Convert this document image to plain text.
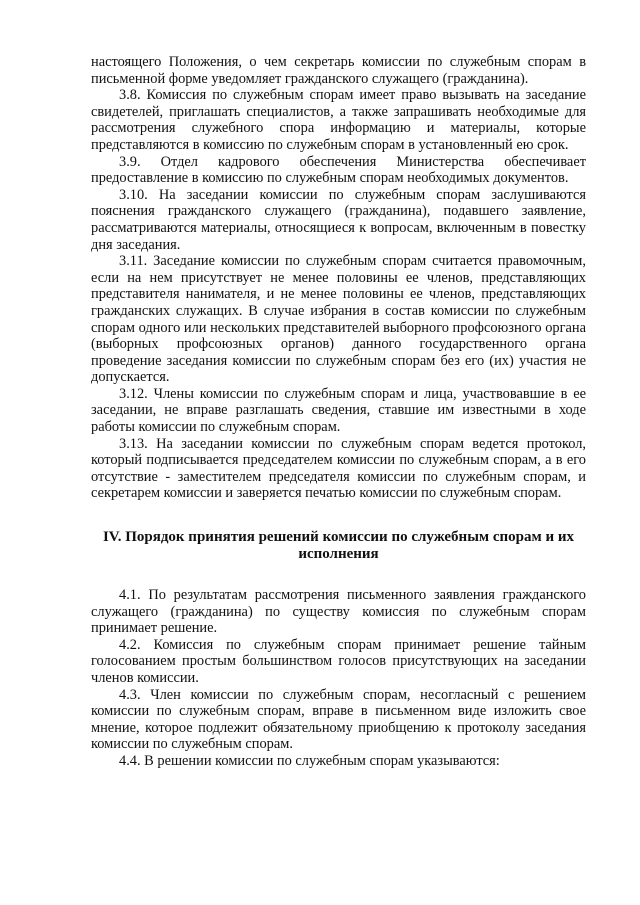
настоящего Положения, о чем секретарь комиссии по служебным спорам в письменной форме уведомляет гражданского служащего (гражданина).

3.8. Комиссия по служебным спорам имеет право вызывать на заседание свидетелей, приглашать специалистов, а также запрашивать необходимые для рассмотрения служебного спора информацию и материалы, которые представляются в комиссию по служебным спорам в установленный ею срок.

3.9. Отдел кадрового обеспечения Министерства обеспечивает предоставление в комиссию по служебным спорам необходимых документов.

3.10. На заседании комиссии по служебным спорам заслушиваются пояснения гражданского служащего (гражданина), подавшего заявление, рассматриваются материалы, относящиеся к вопросам, включенным в повестку дня заседания.

3.11. Заседание комиссии по служебным спорам считается правомочным, если на нем присутствует не менее половины ее членов, представляющих представителя нанимателя, и не менее половины ее членов, представляющих гражданских служащих. В случае избрания в состав комиссии по служебным спорам одного или нескольких представителей выборного профсоюзного органа (выборных профсоюзных органов) данного государственного органа проведение заседания комиссии по служебным спорам без его (их) участия не допускается.

3.12. Члены комиссии по служебным спорам и лица, участвовавшие в ее заседании, не вправе разглашать сведения, ставшие им известными в ходе работы комиссии по служебным спорам.

3.13. На заседании комиссии по служебным спорам ведется протокол, который подписывается председателем комиссии по служебным спорам, а в его отсутствие - заместителем председателя комиссии по служебным спорам, и секретарем комиссии и заверяется печатью комиссии по служебным спорам.

IV. Порядок принятия решений комиссии по служебным спорам и их исполнения

4.1. По результатам рассмотрения письменного заявления гражданского служащего (гражданина) по существу комиссия по служебным спорам принимает решение.

4.2. Комиссия по служебным спорам принимает решение тайным голосованием простым большинством голосов присутствующих на заседании членов комиссии.

4.3. Член комиссии по служебным спорам, несогласный с решением комиссии по служебным спорам, вправе в письменном виде изложить свое мнение, которое подлежит обязательному приобщению к протоколу заседания комиссии по служебным спорам.

4.4. В решении комиссии по служебным спорам указываются:
